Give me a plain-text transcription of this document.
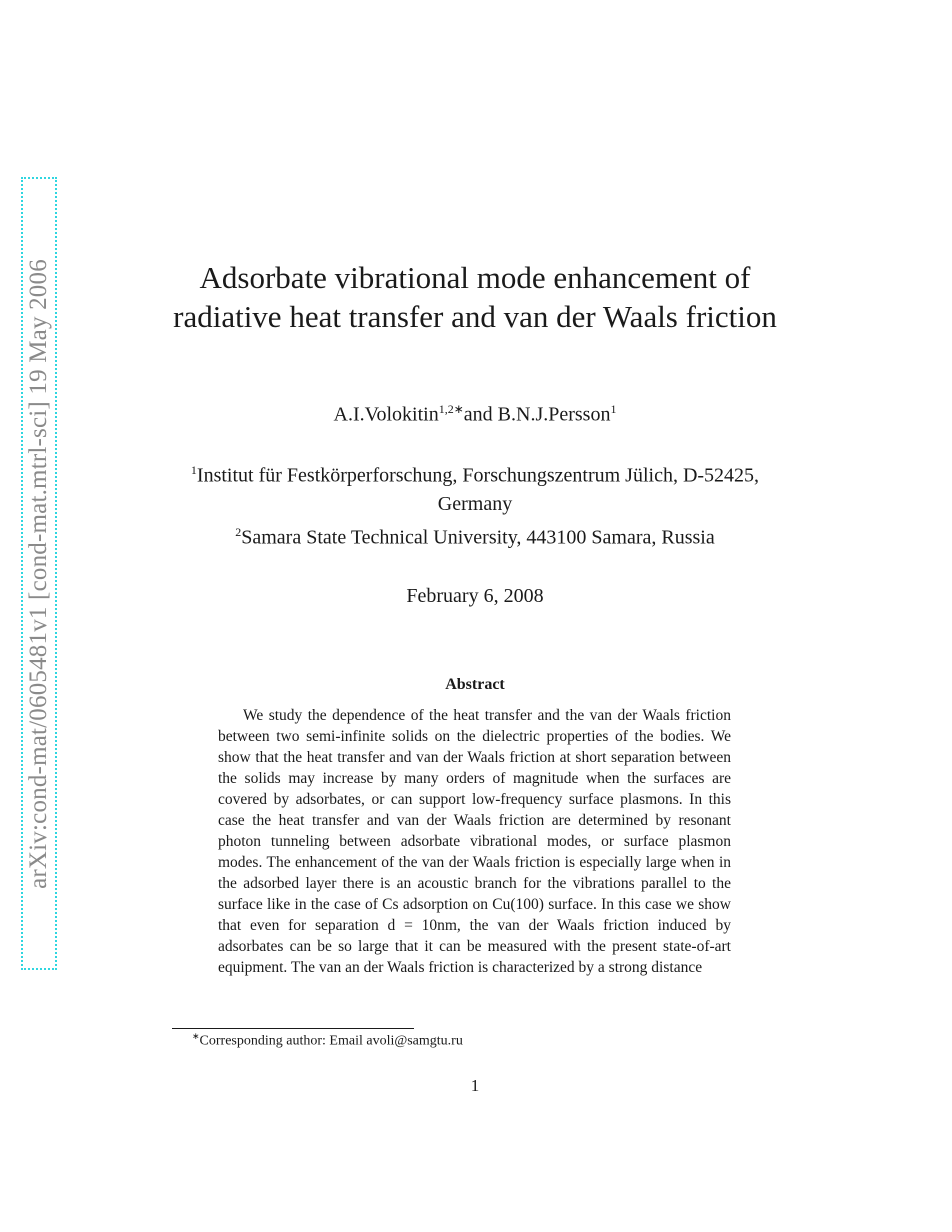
arXiv:cond-mat/0605481v1 [cond-mat.mtrl-sci] 19 May 2006	Adsorbate vibrational mode enhancement of radiative heat transfer and van der Waals friction
A.I.Volokitin$^{1,2∗}$and B.N.J.Persson$^1$
$^1$Institut für Festkörperforschung, Forschungszentrum Jülich, D-52425, Germany
$^2$Samara State Technical University, 443100 Samara, Russia
February 6, 2008
Abstract

We study the dependence of the heat transfer and the van der Waals friction between two semi-infinite solids on the dielectric properties of the bodies. We show that the heat transfer and van der Waals friction at short separation between the solids may increase by many orders of magnitude when the surfaces are covered by adsorbates, or can support low-frequency surface plasmons. In this case the heat transfer and van der Waals friction are determined by resonant photon tunneling between adsorbate vibrational modes, or surface plasmon modes. The enhancement of the van der Waals friction is especially large when in the adsorbed layer there is an acoustic branch for the vibrations parallel to the surface like in the case of Cs adsorption on Cu(100) surface. In this case we show that even for separation d = 10nm, the van der Waals friction induced by adsorbates can be so large that it can be measured with the present state-of-art equipment. The van an der Waals friction is characterized by a strong distance

∗Corresponding author: Email avoli@samgtu.ru
1
